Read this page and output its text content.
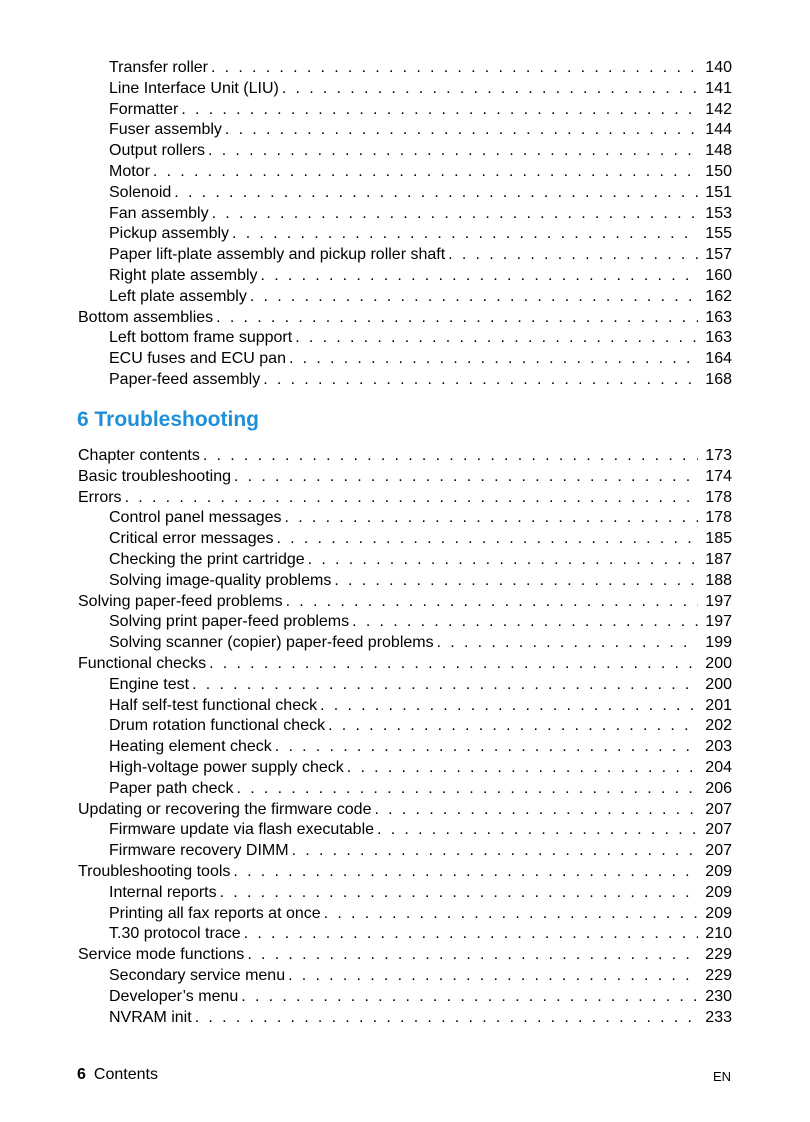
Transfer roller . . .	140
Line Interface Unit (LIU) . . .	141
Formatter . . .	142
Fuser assembly . . .	144
Output rollers . . .	148
Motor . . .	150
Solenoid . . .	151
Fan assembly . . .	153
Pickup assembly . . .	155
Paper lift-plate assembly and pickup roller shaft . . .	157
Right plate assembly . . .	160
Left plate assembly . . .	162
Bottom assemblies . . .	163
Left bottom frame support . . .	163
ECU fuses and ECU pan . . .	164
Paper-feed assembly . . .	168
6 Troubleshooting
Chapter contents . . .	173
Basic troubleshooting . . .	174
Errors . . .	178
Control panel messages . . .	178
Critical error messages . . .	185
Checking the print cartridge . . .	187
Solving image-quality problems . . .	188
Solving paper-feed problems . . .	197
Solving print paper-feed problems . . .	197
Solving scanner (copier) paper-feed problems . . .	199
Functional checks . . .	200
Engine test . . .	200
Half self-test functional check . . .	201
Drum rotation functional check . . .	202
Heating element check . . .	203
High-voltage power supply check . . .	204
Paper path check . . .	206
Updating or recovering the firmware code . . .	207
Firmware update via flash executable . . .	207
Firmware recovery DIMM . . .	207
Troubleshooting tools . . .	209
Internal reports . . .	209
Printing all fax reports at once . . .	209
T.30 protocol trace . . .	210
Service mode functions . . .	229
Secondary service menu . . .	229
Developer’s menu . . .	230
NVRAM init . . .	233
6 Contents	EN
